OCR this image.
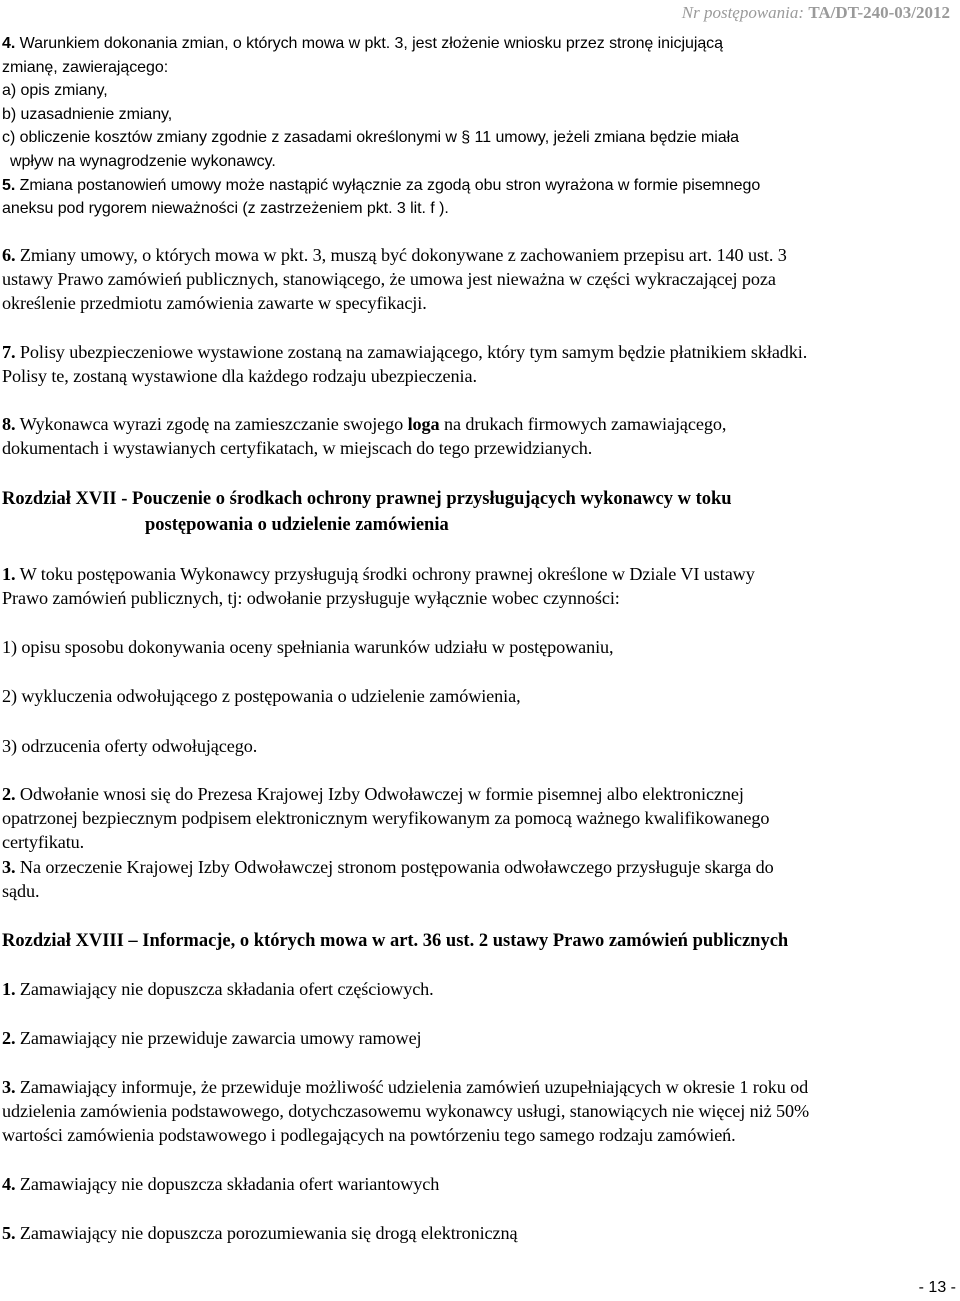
Nr postępowania: TA/DT-240-03/2012
4. Warunkiem dokonania zmian, o których mowa w pkt. 3, jest złożenie wniosku przez stronę inicjującą
zmianę, zawierającego:
a) opis zmiany,
b) uzasadnienie zmiany,
c) obliczenie kosztów zmiany zgodnie z zasadami określonymi w § 11 umowy, jeżeli zmiana będzie miała
wpływ na wynagrodzenie wykonawcy.
5. Zmiana postanowień umowy może nastąpić wyłącznie za zgodą obu stron wyrażona w formie pisemnego
aneksu pod rygorem nieważności (z zastrzeżeniem pkt. 3 lit. f ).
6. Zmiany umowy, o których mowa w pkt. 3, muszą być dokonywane z zachowaniem przepisu art. 140 ust. 3
ustawy Prawo zamówień publicznych, stanowiącego, że umowa jest nieważna w części wykraczającej poza
określenie przedmiotu zamówienia zawarte w specyfikacji.
7. Polisy ubezpieczeniowe wystawione zostaną na zamawiającego, który tym samym będzie płatnikiem składki.
Polisy te, zostaną wystawione dla każdego rodzaju ubezpieczenia.
8. Wykonawca wyrazi zgodę na zamieszczanie swojego loga na drukach firmowych zamawiającego,
dokumentach i wystawianych certyfikatach, w miejscach do tego przewidzianych.
Rozdział XVII - Pouczenie o środkach ochrony prawnej przysługujących wykonawcy w toku
postępowania o udzielenie zamówienia
1. W toku postępowania Wykonawcy przysługują środki ochrony prawnej określone w Dziale VI ustawy
Prawo zamówień publicznych, tj: odwołanie przysługuje wyłącznie wobec czynności:
1) opisu sposobu dokonywania oceny spełniania warunków udziału w postępowaniu,
2) wykluczenia odwołującego z postępowania o udzielenie zamówienia,
3) odrzucenia oferty odwołującego.
2. Odwołanie wnosi się do Prezesa Krajowej Izby Odwoławczej w formie pisemnej albo elektronicznej
opatrzonej bezpiecznym podpisem elektronicznym weryfikowanym za pomocą ważnego kwalifikowanego
certyfikatu.
3. Na orzeczenie Krajowej Izby Odwoławczej stronom postępowania odwoławczego przysługuje skarga do
sądu.
Rozdział XVIII – Informacje, o których mowa w art. 36 ust. 2 ustawy Prawo zamówień publicznych
1. Zamawiający nie dopuszcza składania ofert częściowych.
2. Zamawiający nie przewiduje zawarcia umowy ramowej
3. Zamawiający informuje, że przewiduje możliwość udzielenia zamówień uzupełniających w okresie 1 roku od
udzielenia zamówienia podstawowego, dotychczasowemu wykonawcy usługi, stanowiących nie więcej niż 50%
wartości zamówienia podstawowego i podlegających na powtórzeniu tego samego rodzaju zamówień.
4. Zamawiający nie dopuszcza składania ofert wariantowych
5. Zamawiający nie dopuszcza porozumiewania się drogą elektroniczną
- 13 -
